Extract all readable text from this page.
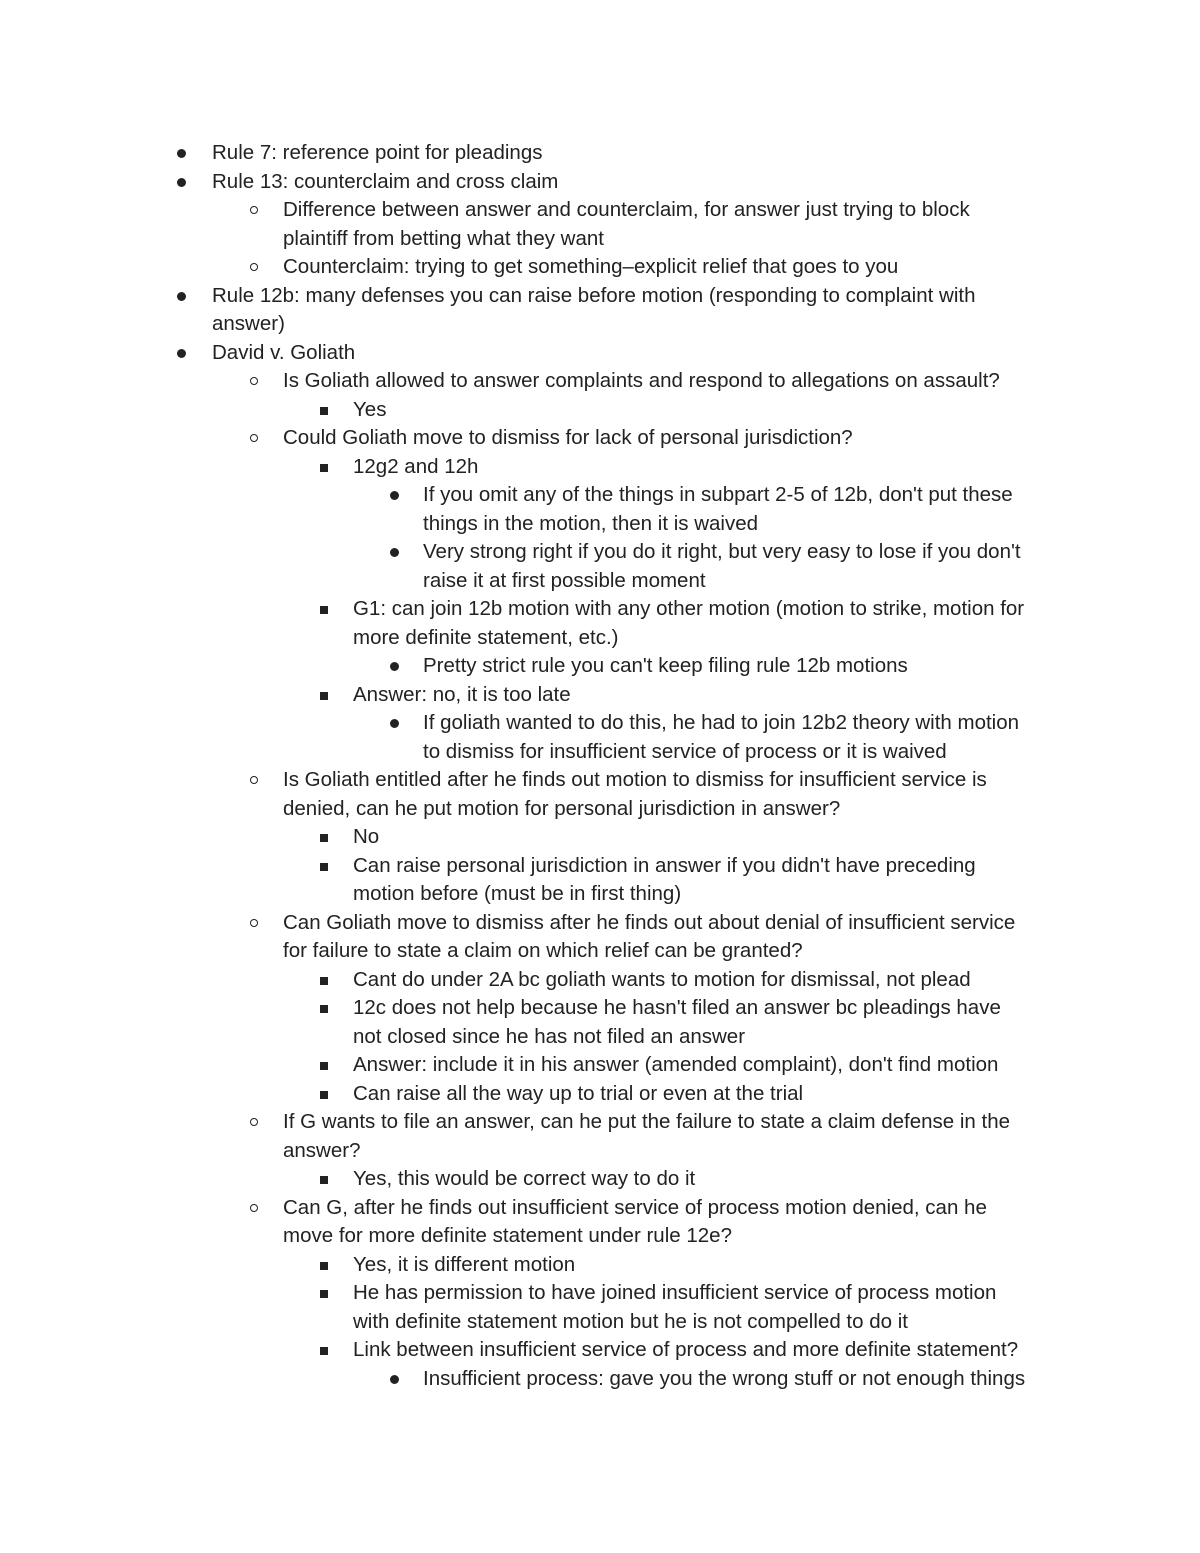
Rule 7: reference point for pleadings
Rule 13: counterclaim and cross claim
Difference between answer and counterclaim, for answer just trying to block
plaintiff from betting what they want
Counterclaim: trying to get something–explicit relief that goes to you
Rule 12b: many defenses you can raise before motion (responding to complaint with
answer)
David v. Goliath
Is Goliath allowed to answer complaints and respond to allegations on assault?
Yes
Could Goliath move to dismiss for lack of personal jurisdiction?
12g2 and 12h
If you omit any of the things in subpart 2-5 of 12b, don't put these
things in the motion, then it is waived
Very strong right if you do it right, but very easy to lose if you don't
raise it at first possible moment
G1: can join 12b motion with any other motion (motion to strike, motion for
more definite statement, etc.)
Pretty strict rule you can't keep filing rule 12b motions
Answer: no, it is too late
If goliath wanted to do this, he had to join 12b2 theory with motion
to dismiss for insufficient service of process or it is waived
Is Goliath entitled after he finds out motion to dismiss for insufficient service is
denied, can he put motion for personal jurisdiction in answer?
No
Can raise personal jurisdiction in answer if you didn't have preceding
motion before (must be in first thing)
Can Goliath move to dismiss after he finds out about denial of insufficient service
for failure to state a claim on which relief can be granted?
Cant do under 2A bc goliath wants to motion for dismissal, not plead
12c does not help because he hasn't filed an answer bc pleadings have
not closed since he has not filed an answer
Answer: include it in his answer (amended complaint), don't find motion
Can raise all the way up to trial or even at the trial
If G wants to file an answer, can he put the failure to state a claim defense in the
answer?
Yes, this would be correct way to do it
Can G, after he finds out insufficient service of process motion denied, can he
move for more definite statement under rule 12e?
Yes, it is different motion
He has permission to have joined insufficient service of process motion
with definite statement motion but he is not compelled to do it
Link between insufficient service of process and more definite statement?
Insufficient process: gave you the wrong stuff or not enough things
